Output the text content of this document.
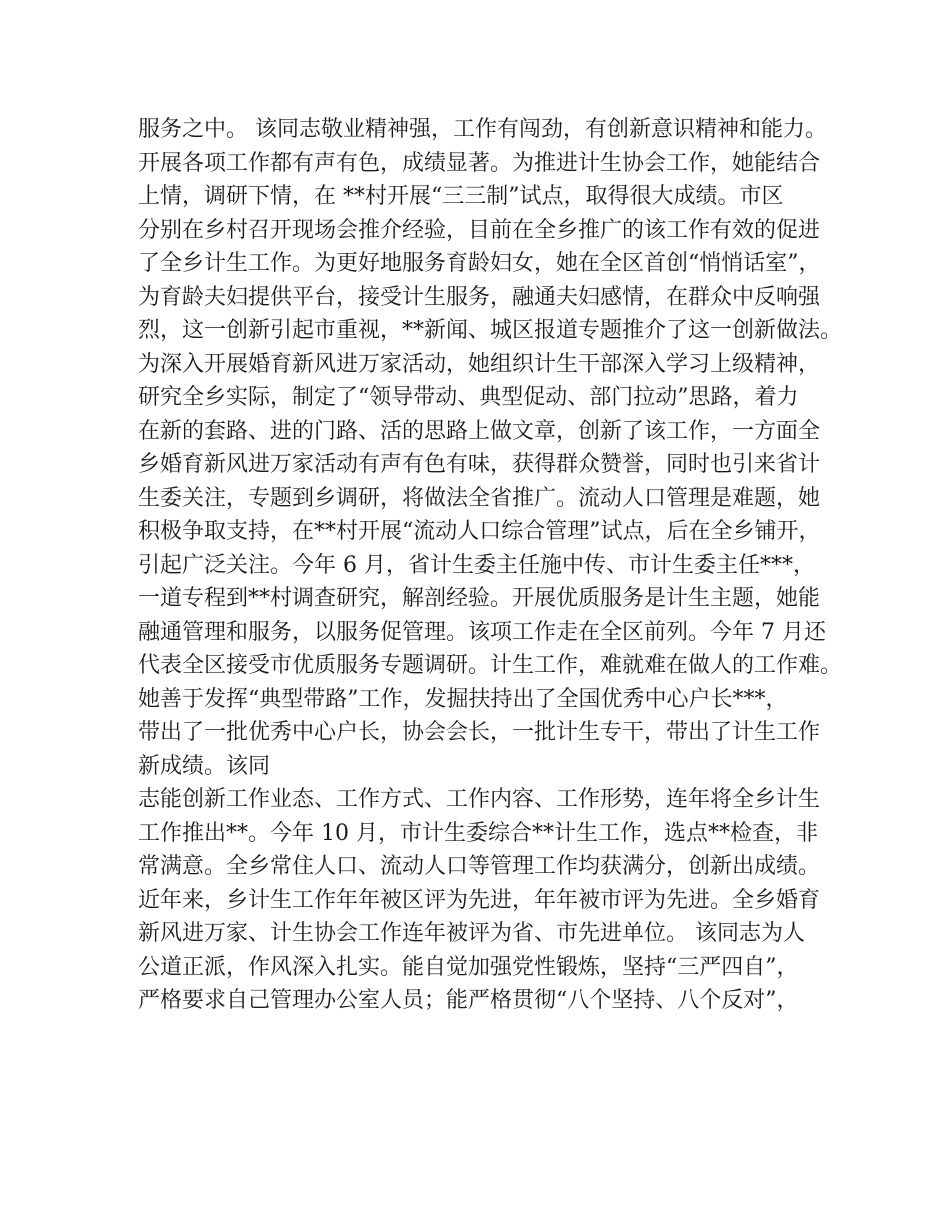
服务之中。 该同志敬业精神强，工作有闯劲，有创新意识精神和能力。
开展各项工作都有声有色，成绩显著。为推进计生协会工作，她能结合
上情，调研下情，在 **村开展“三三制”试点，取得很大成绩。市区
分别在乡村召开现场会推介经验，目前在全乡推广的该工作有效的促进
了全乡计生工作。为更好地服务育龄妇女，她在全区首创“悄悄话室”，
为育龄夫妇提供平台，接受计生服务，融通夫妇感情，在群众中反响强
烈，这一创新引起市重视，**新闻、城区报道专题推介了这一创新做法。
为深入开展婚育新风进万家活动，她组织计生干部深入学习上级精神，
研究全乡实际，制定了“领导带动、典型促动、部门拉动”思路，着力
在新的套路、进的门路、活的思路上做文章，创新了该工作，一方面全
乡婚育新风进万家活动有声有色有味，获得群众赞誉，同时也引来省计
生委关注，专题到乡调研，将做法全省推广。流动人口管理是难题，她
积极争取支持，在**村开展“流动人口综合管理”试点，后在全乡铺开，
引起广泛关注。今年 6 月，省计生委主任施中传、市计生委主任***，
一道专程到**村调查研究，解剖经验。开展优质服务是计生主题，她能
融通管理和服务，以服务促管理。该项工作走在全区前列。今年 7 月还
代表全区接受市优质服务专题调研。计生工作，难就难在做人的工作难。
她善于发挥“典型带路”工作，发掘扶持出了全国优秀中心户长***，
带出了一批优秀中心户长，协会会长，一批计生专干，带出了计生工作
新成绩。该同
志能创新工作业态、工作方式、工作内容、工作形势，连年将全乡计生
工作推出**。今年 10 月，市计生委综合**计生工作，选点**检查，非
常满意。全乡常住人口、流动人口等管理工作均获满分，创新出成绩。
近年来，乡计生工作年年被区评为先进，年年被市评为先进。全乡婚育
新风进万家、计生协会工作连年被评为省、市先进单位。 该同志为人
公道正派，作风深入扎实。能自觉加强党性锻炼，坚持“三严四自”，
严格要求自己管理办公室人员；能严格贯彻“八个坚持、八个反对”，
